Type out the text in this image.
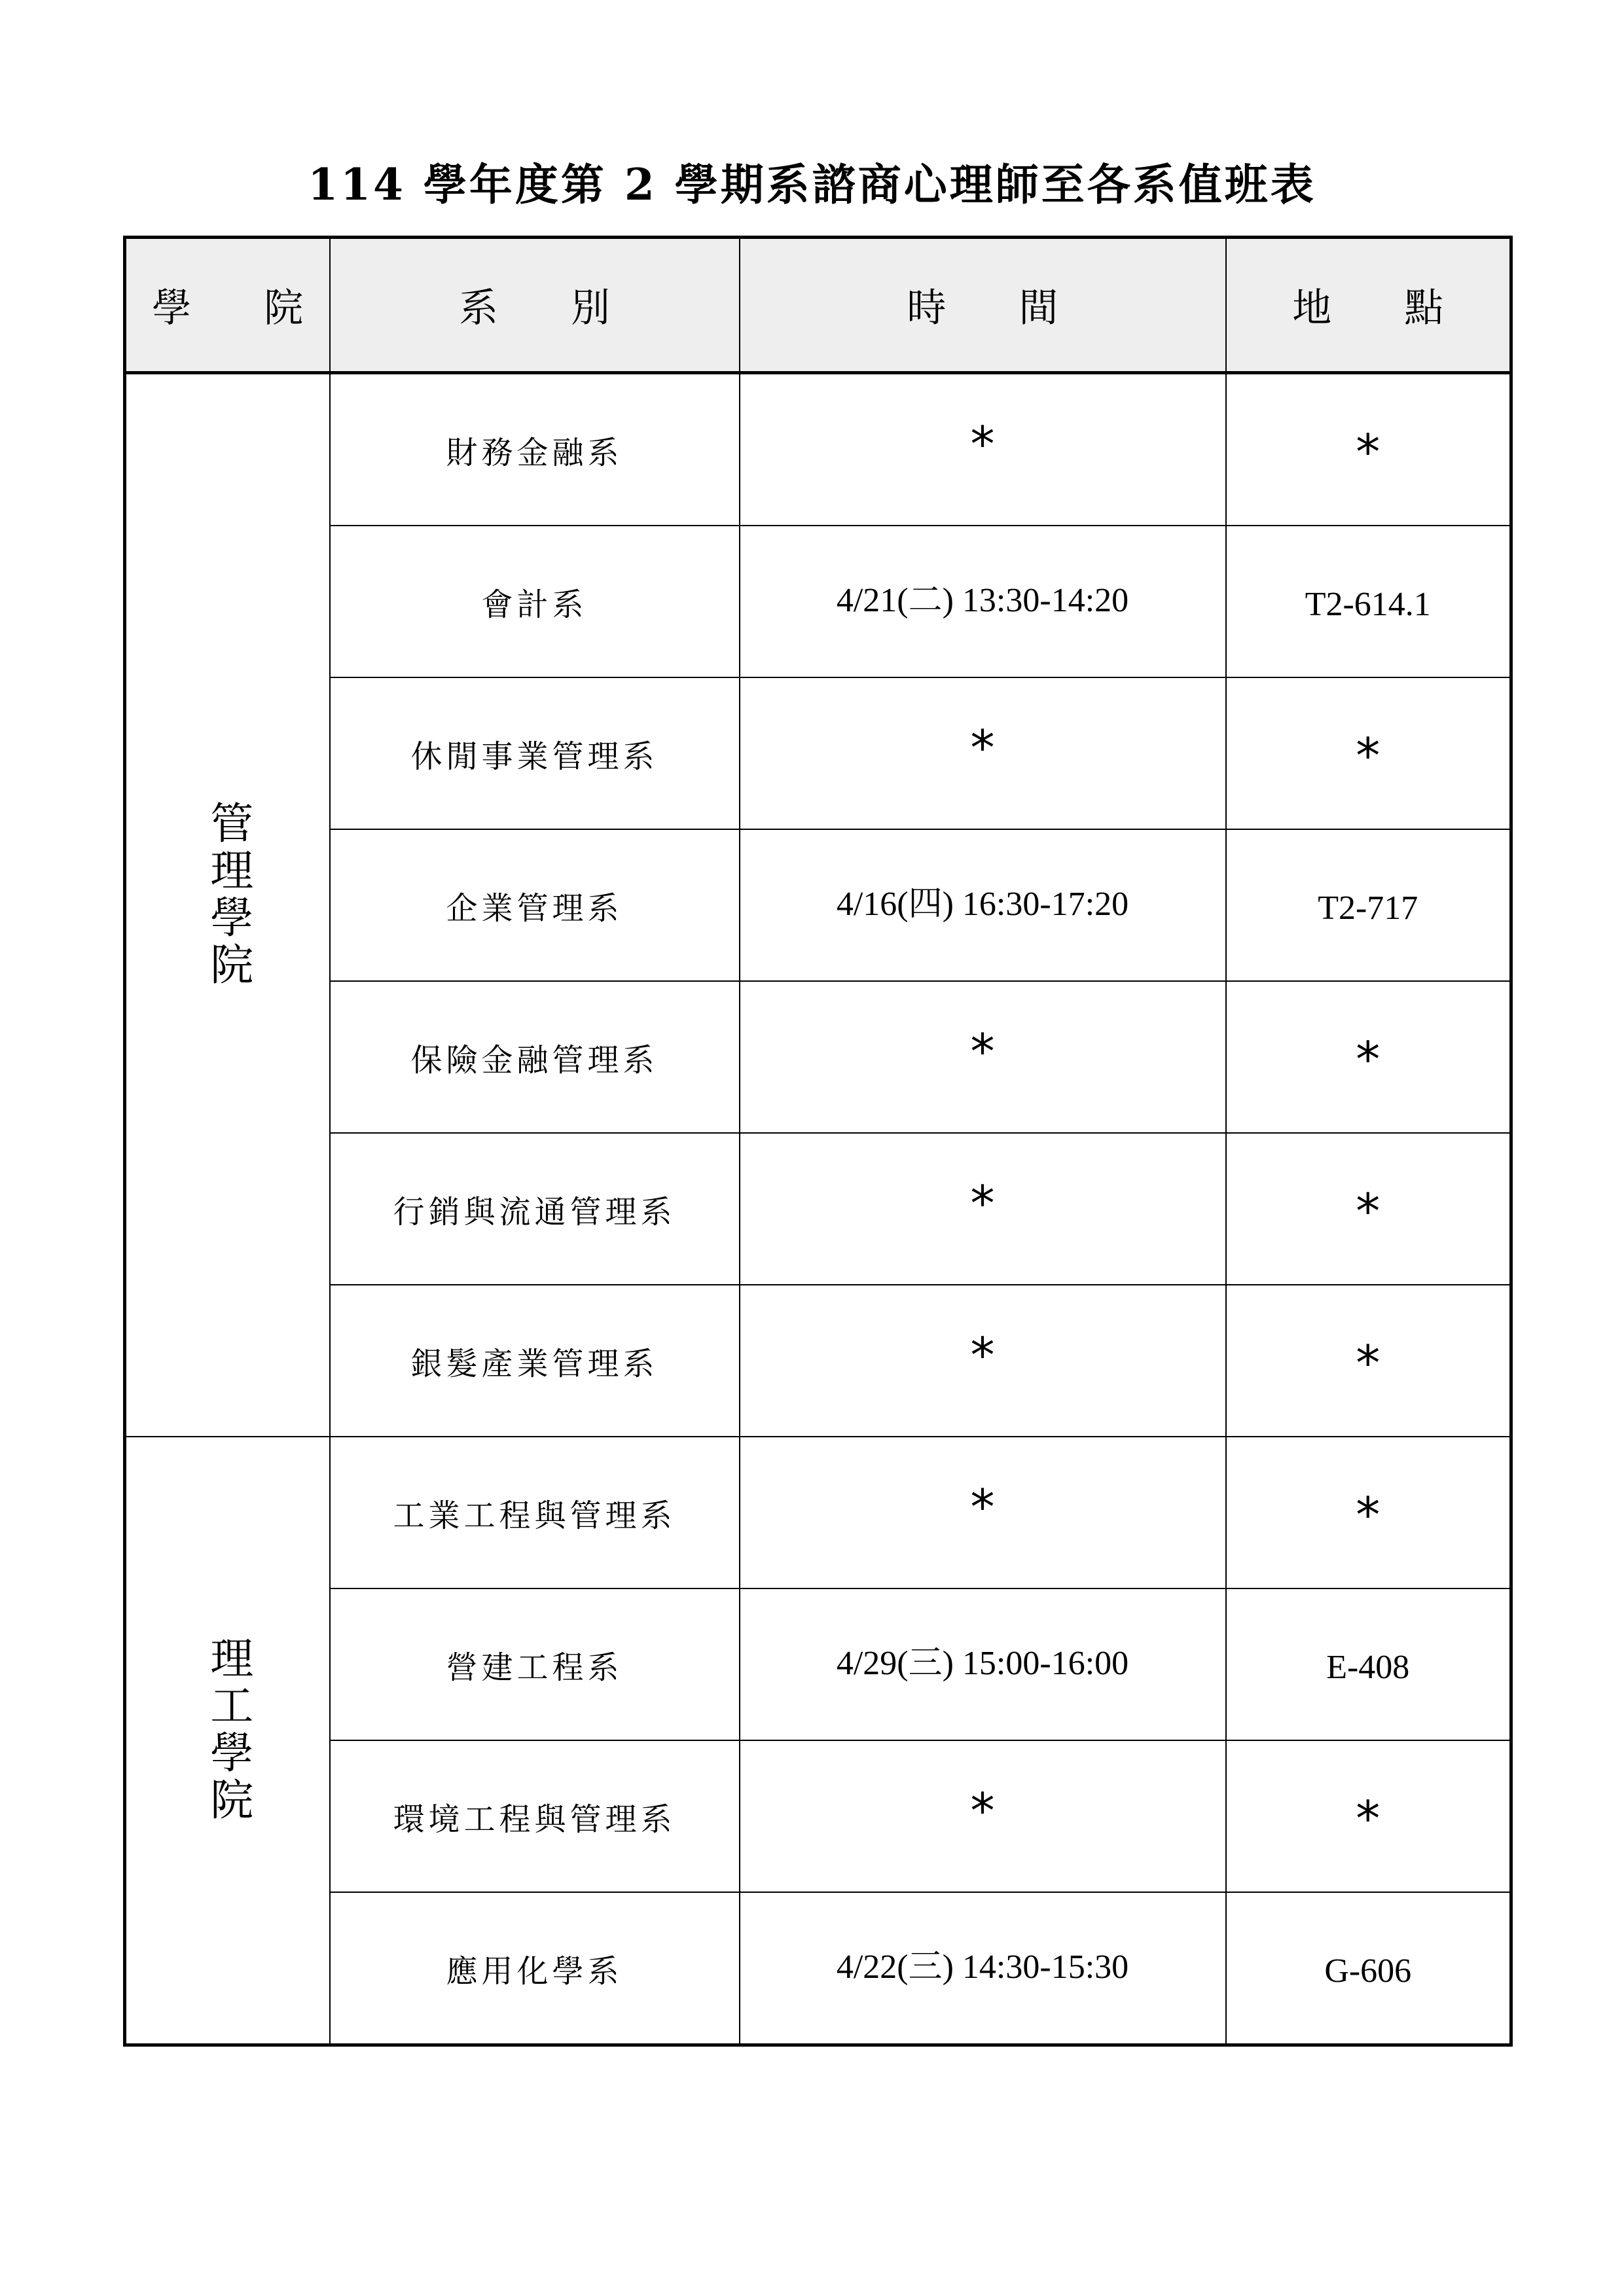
114 學年度第 2 學期系諮商心理師至各系值班表
學 院	系 別	時 間	地 點
管理學院	財務金融系	*	*
	會計系	4/21(二) 13:30-14:20	T2-614.1
	休閒事業管理系	*	*
	企業管理系	4/16(四) 16:30-17:20	T2-717
	保險金融管理系	*	*
	行銷與流通管理系	*	*
	銀髮產業管理系	*	*
理工學院	工業工程與管理系	*	*
	營建工程系	4/29(三) 15:00-16:00	E-408
	環境工程與管理系	*	*
	應用化學系	4/22(三) 14:30-15:30	G-606
